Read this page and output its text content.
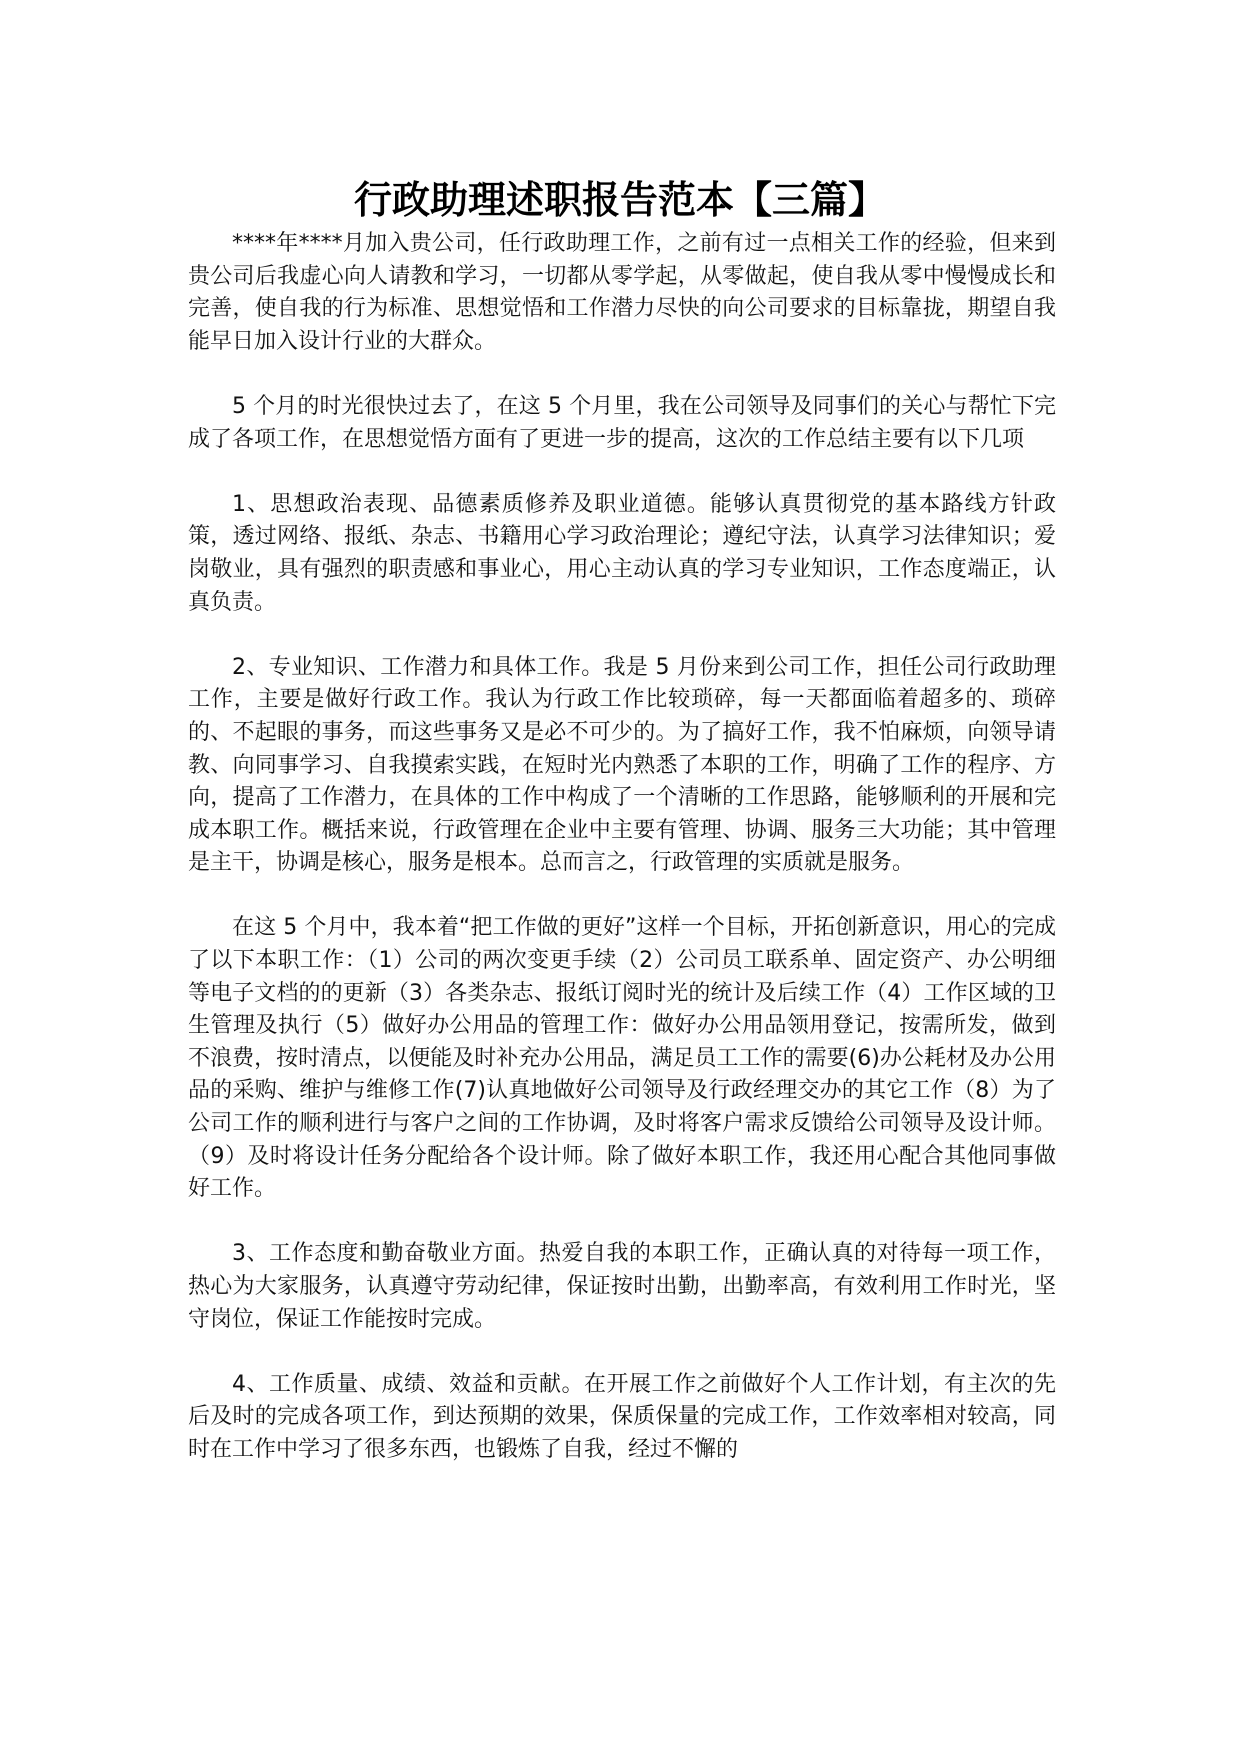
行政助理述职报告范本【三篇】

****年****月加入贵公司，任行政助理工作，之前有过一点相关工作的经验，但来到贵公司后我虚心向人请教和学习，一切都从零学起，从零做起，使自我从零中慢慢成长和完善，使自我的行为标准、思想觉悟和工作潜力尽快的向公司要求的目标靠拢，期望自我能早日加入设计行业的大群众。

5 个月的时光很快过去了，在这 5 个月里，我在公司领导及同事们的关心与帮忙下完成了各项工作，在思想觉悟方面有了更进一步的提高，这次的工作总结主要有以下几项

1、思想政治表现、品德素质修养及职业道德。能够认真贯彻党的基本路线方针政策，透过网络、报纸、杂志、书籍用心学习政治理论；遵纪守法，认真学习法律知识；爱岗敬业，具有强烈的职责感和事业心，用心主动认真的学习专业知识，工作态度端正，认真负责。

2、专业知识、工作潜力和具体工作。我是 5 月份来到公司工作，担任公司行政助理工作，主要是做好行政工作。我认为行政工作比较琐碎，每一天都面临着超多的、琐碎的、不起眼的事务，而这些事务又是必不可少的。为了搞好工作，我不怕麻烦，向领导请教、向同事学习、自我摸索实践，在短时光内熟悉了本职的工作，明确了工作的程序、方向，提高了工作潜力，在具体的工作中构成了一个清晰的工作思路，能够顺利的开展和完成本职工作。概括来说，行政管理在企业中主要有管理、协调、服务三大功能；其中管理是主干，协调是核心，服务是根本。总而言之，行政管理的实质就是服务。

在这 5 个月中，我本着“把工作做的更好”这样一个目标，开拓创新意识，用心的完成了以下本职工作：（1）公司的两次变更手续（2）公司员工联系单、固定资产、办公明细等电子文档的的更新（3）各类杂志、报纸订阅时光的统计及后续工作（4）工作区域的卫生管理及执行（5）做好办公用品的管理工作：做好办公用品领用登记，按需所发，做到不浪费，按时清点，以便能及时补充办公用品，满足员工工作的需要(6)办公耗材及办公用品的采购、维护与维修工作(7)认真地做好公司领导及行政经理交办的其它工作（8）为了公司工作的顺利进行与客户之间的工作协调，及时将客户需求反馈给公司领导及设计师。（9）及时将设计任务分配给各个设计师。除了做好本职工作，我还用心配合其他同事做好工作。

3、工作态度和勤奋敬业方面。热爱自我的本职工作，正确认真的对待每一项工作，热心为大家服务，认真遵守劳动纪律，保证按时出勤，出勤率高，有效利用工作时光，坚守岗位，保证工作能按时完成。

4、工作质量、成绩、效益和贡献。在开展工作之前做好个人工作计划，有主次的先后及时的完成各项工作，到达预期的效果，保质保量的完成工作，工作效率相对较高，同时在工作中学习了很多东西，也锻炼了自我，经过不懈的
